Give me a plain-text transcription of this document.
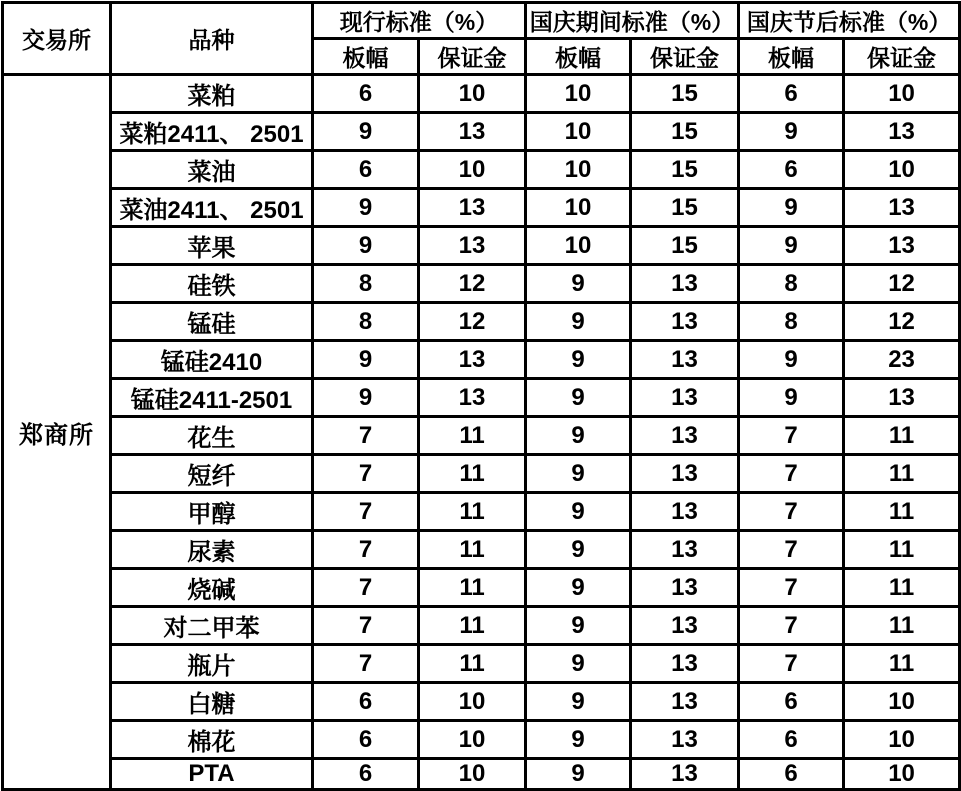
交易所	品种	现行标准（%）		国庆期间标准（%）		国庆节后标准（%）	
		板幅	保证金	板幅	保证金	板幅	保证金
郑商所	菜粕	6	10	10	15	6	10
	菜粕2411、 2501	9	13	10	15	9	13
	菜油	6	10	10	15	6	10
	菜油2411、 2501	9	13	10	15	9	13
	苹果	9	13	10	15	9	13
	硅铁	8	12	9	13	8	12
	锰硅	8	12	9	13	8	12
	锰硅2410	9	13	9	13	9	23
	锰硅2411-2501	9	13	9	13	9	13
	花生	7	11	9	13	7	11
	短纤	7	11	9	13	7	11
	甲醇	7	11	9	13	7	11
	尿素	7	11	9	13	7	11
	烧碱	7	11	9	13	7	11
	对二甲苯	7	11	9	13	7	11
	瓶片	7	11	9	13	7	11
	白糖	6	10	9	13	6	10
	棉花	6	10	9	13	6	10
	PTA	6	10	9	13	6	10
